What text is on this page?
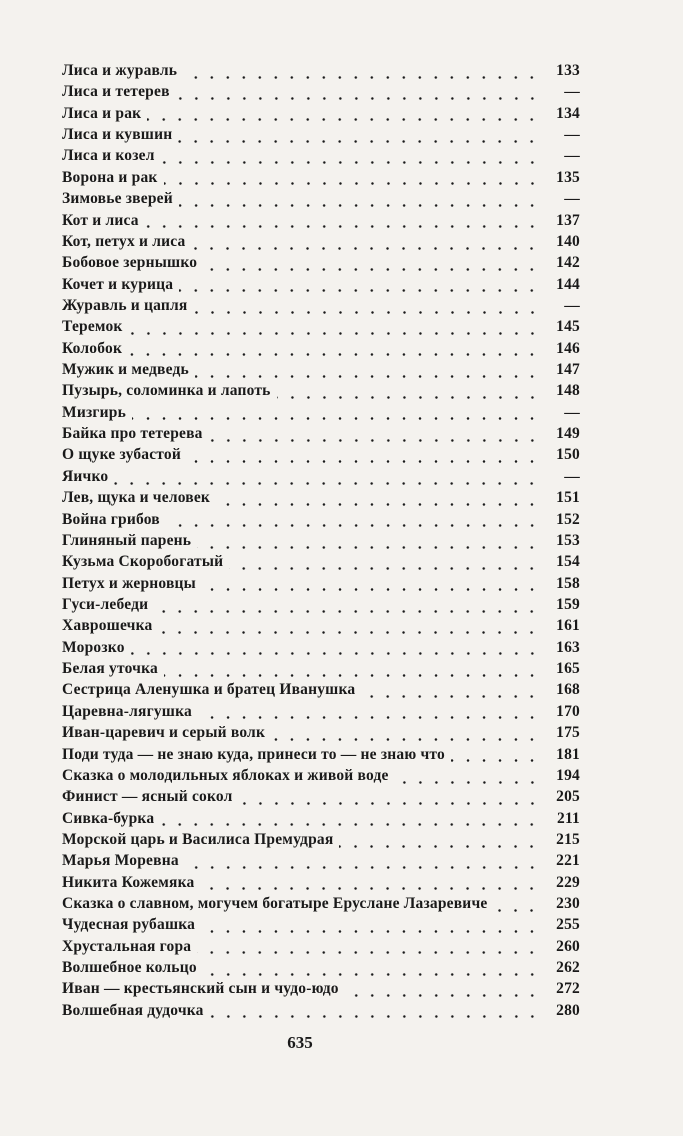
Лиса и журавль	133
Лиса и тетерев	—
Лиса и рак	134
Лиса и кувшин	—
Лиса и козел	—
Ворона и рак	135
Зимовье зверей	—
Кот и лиса	137
Кот, петух и лиса	140
Бобовое зернышко	142
Кочет и курица	144
Журавль и цапля	—
Теремок	145
Колобок	146
Мужик и медведь	147
Пузырь, соломинка и лапоть	148
Мизгирь	—
Байка про тетерева	149
О щуке зубастой	150
Яичко	—
Лев, щука и человек	151
Война грибов	152
Глиняный парень	153
Кузьма Скоробогатый	154
Петух и жерновцы	158
Гуси-лебеди	159
Хаврошечка	161
Морозко	163
Белая уточка	165
Сестрица Аленушка и братец Иванушка	168
Царевна-лягушка	170
Иван-царевич и серый волк	175
Поди туда — не знаю куда, принеси то — не знаю что	181
Сказка о молодильных яблоках и живой воде	194
Финист — ясный сокол	205
Сивка-бурка	211
Морской царь и Василиса Премудрая	215
Марья Моревна	221
Никита Кожемяка	229
Сказка о славном, могучем богатыре Еруслане Лазаревиче	230
Чудесная рубашка	255
Хрустальная гора	260
Волшебное кольцо	262
Иван — крестьянский сын и чудо-юдо	272
Волшебная дудочка	280
635
